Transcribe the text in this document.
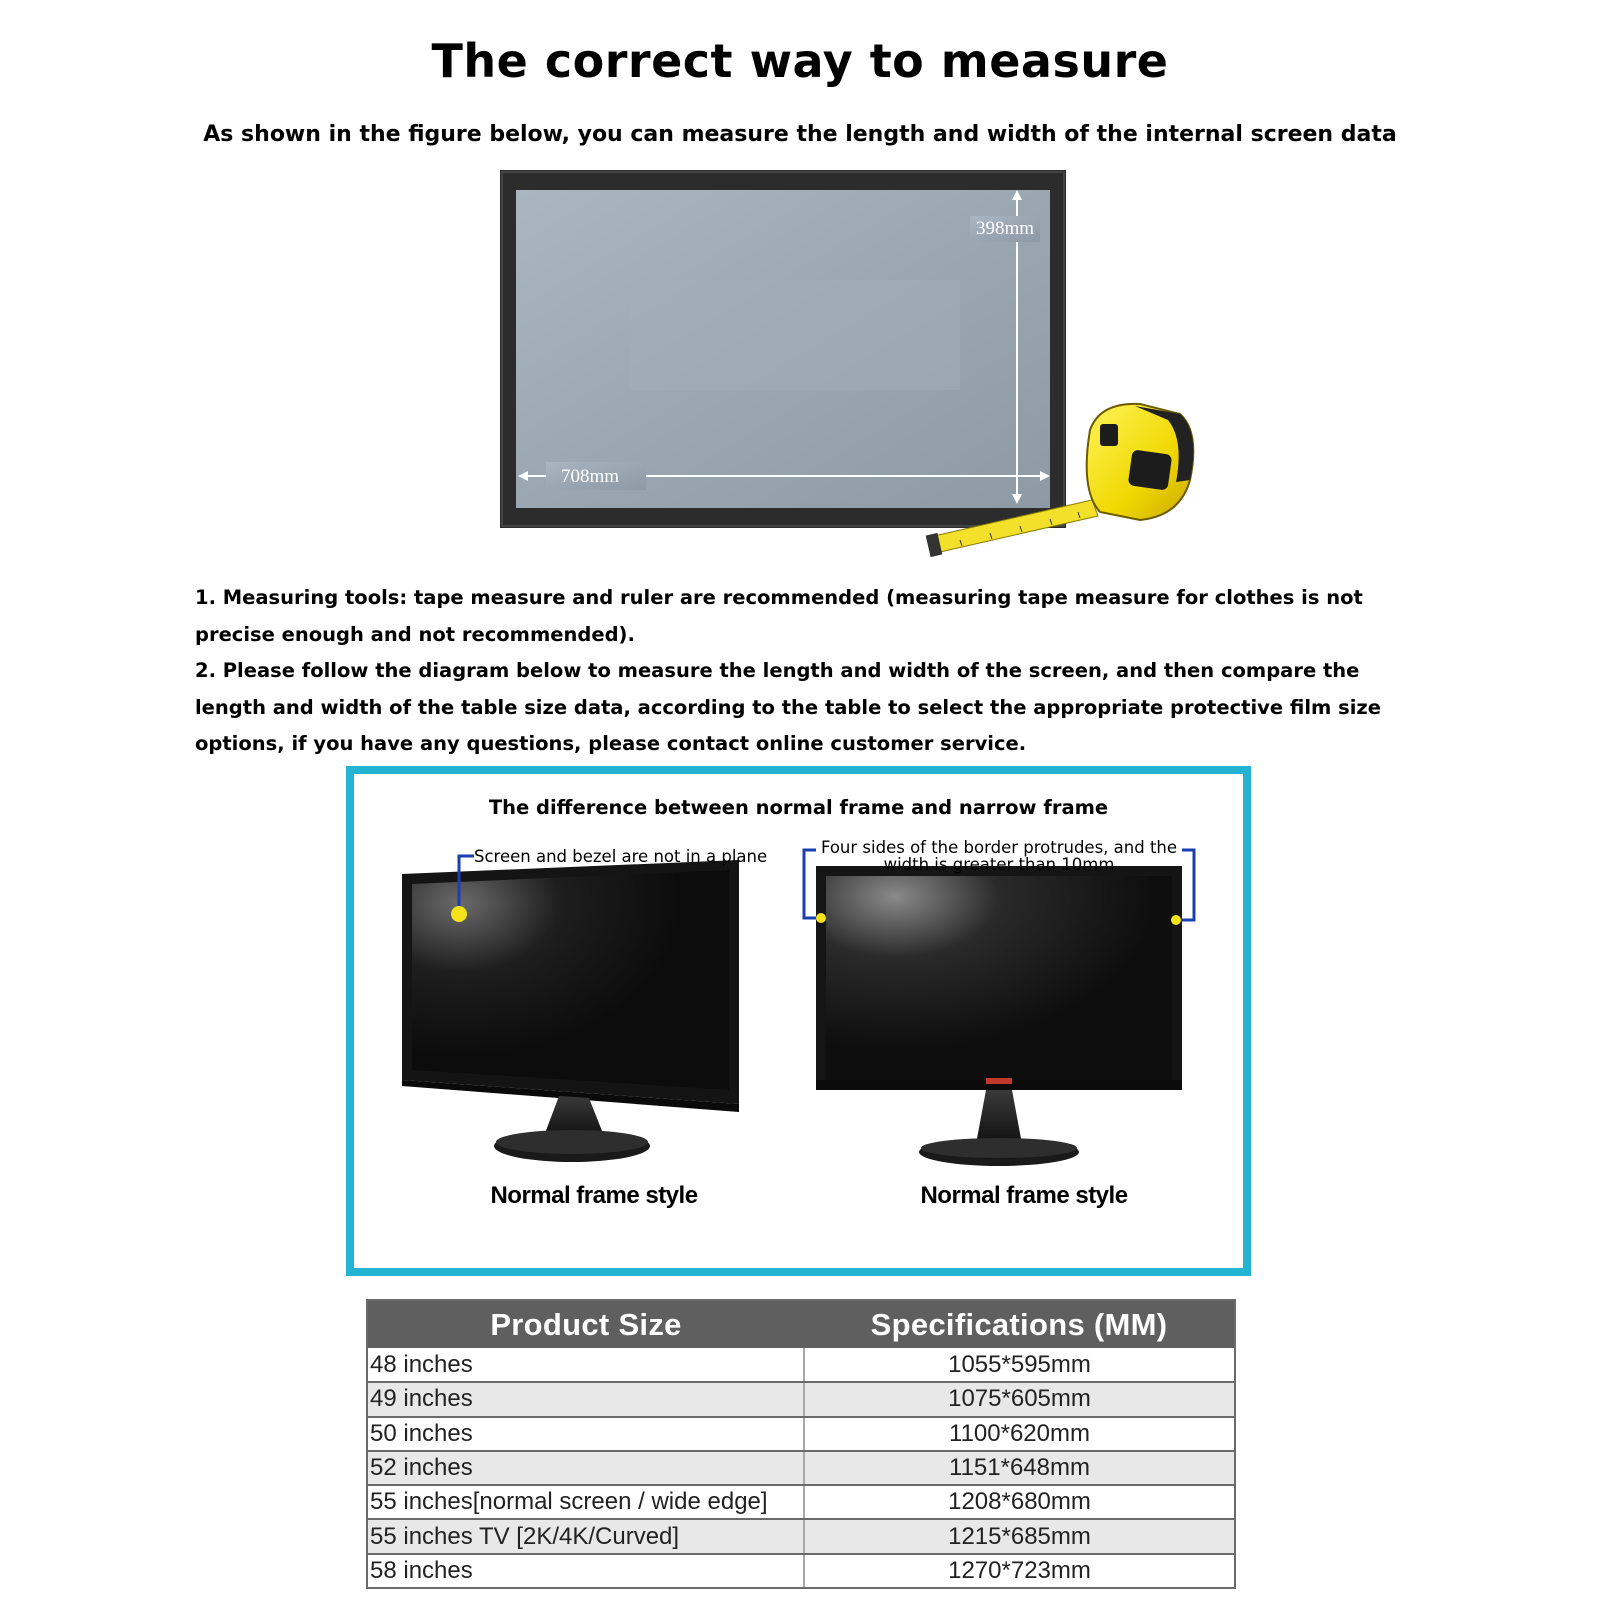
The correct way to measure
As shown in the figure below, you can measure the length and width of the internal screen data
398mm
708mm

1. Measuring tools: tape measure and ruler are recommended (measuring tape measure for clothes is not precise enough and not recommended).

2. Please follow the diagram below to measure the length and width of the screen, and then compare the length and width of the table size data, according to the table to select the appropriate protective film size options, if you have any questions, please contact online customer service.

The difference between normal frame and narrow frame
Screen and bezel are not in a plane	Four sides of the border protrudes, and the width is greater than 10mm
Normal frame style	Normal frame style
Product Size	Specifications (MM)
48 inches	1055*595mm
49 inches	1075*605mm
50 inches	1100*620mm
52 inches	1151*648mm
55 inches[normal screen / wide edge]	1208*680mm
55 inches TV [2K/4K/Curved]	1215*685mm
58 inches	1270*723mm
